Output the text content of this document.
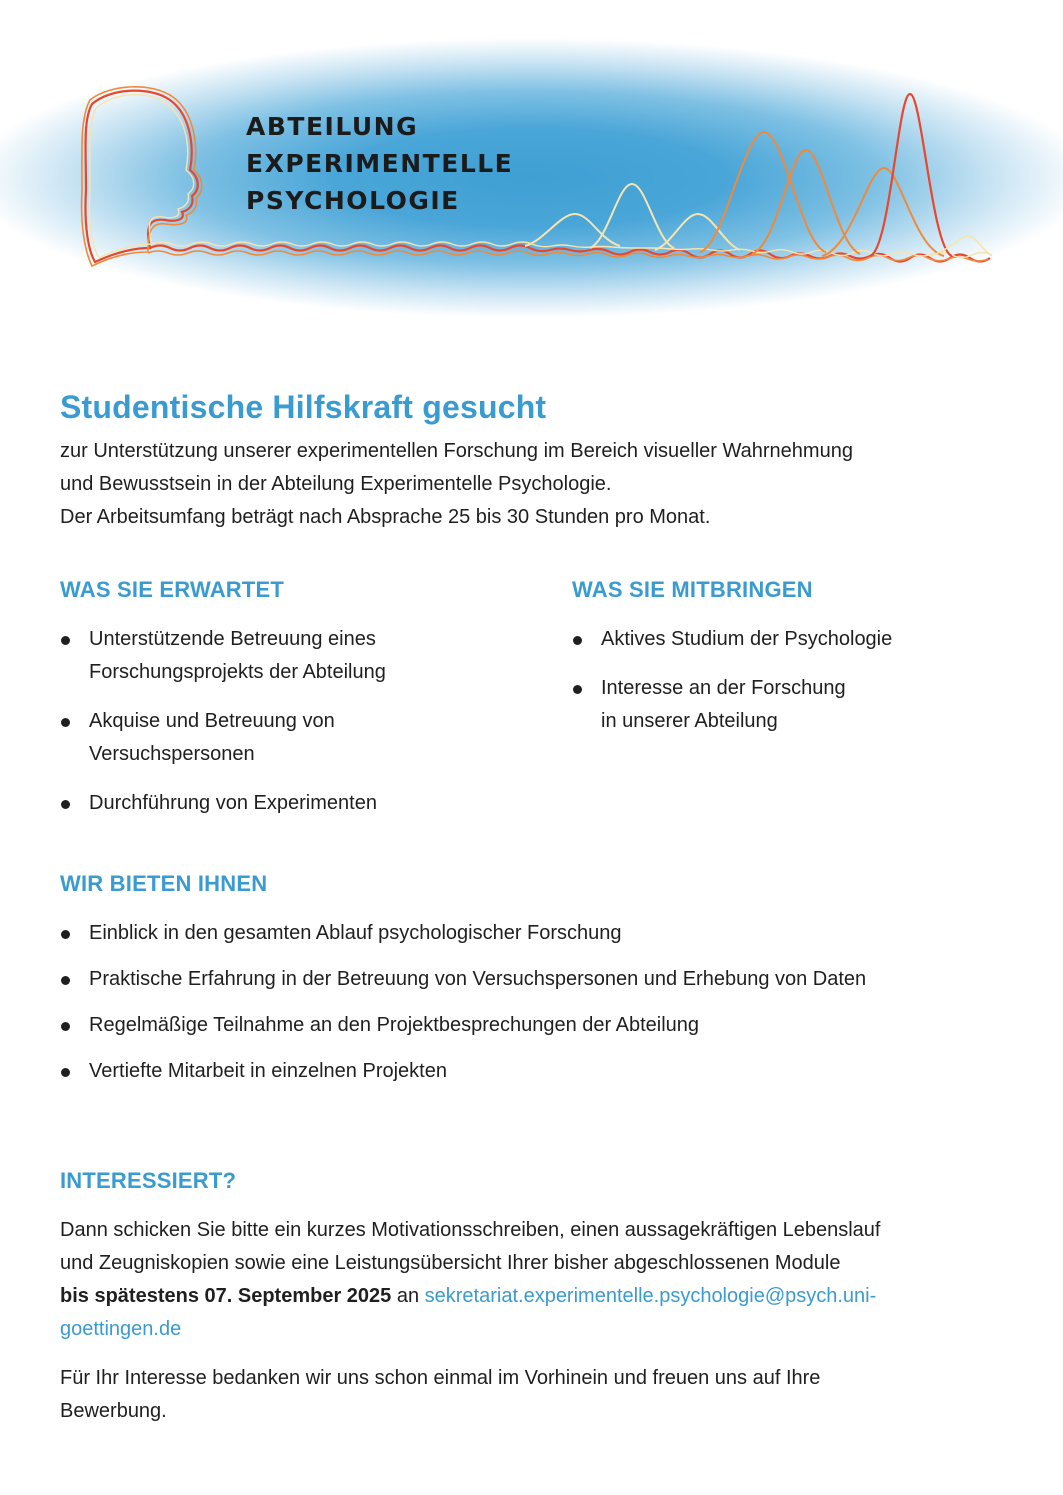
ABTEILUNG
EXPERIMENTELLE
PSYCHOLOGIE
Studentische Hilfskraft gesucht
zur Unterstützung unserer experimentellen Forschung im Bereich visueller Wahrnehmung
und Bewusstsein in der Abteilung Experimentelle Psychologie.
Der Arbeitsumfang beträgt nach Absprache 25 bis 30 Stunden pro Monat.
WAS SIE ERWARTET
Unterstützende Betreuung eines
Forschungsprojekts der Abteilung
Akquise und Betreuung von
Versuchspersonen
Durchführung von Experimenten
WAS SIE MITBRINGEN
Aktives Studium der Psychologie
Interesse an der Forschung
in unserer Abteilung
WIR BIETEN IHNEN
Einblick in den gesamten Ablauf psychologischer Forschung
Praktische Erfahrung in der Betreuung von Versuchspersonen und Erhebung von Daten
Regelmäßige Teilnahme an den Projektbesprechungen der Abteilung
Vertiefte Mitarbeit in einzelnen Projekten
INTERESSIERT?
Dann schicken Sie bitte ein kurzes Motivationsschreiben, einen aussagekräftigen Lebenslauf
und Zeugniskopien sowie eine Leistungsübersicht Ihrer bisher abgeschlossenen Module
bis spätestens 07. September 2025 an sekretariat.experimentelle.psychologie@psych.uni-
goettingen.de
Für Ihr Interesse bedanken wir uns schon einmal im Vorhinein und freuen uns auf Ihre
Bewerbung.
